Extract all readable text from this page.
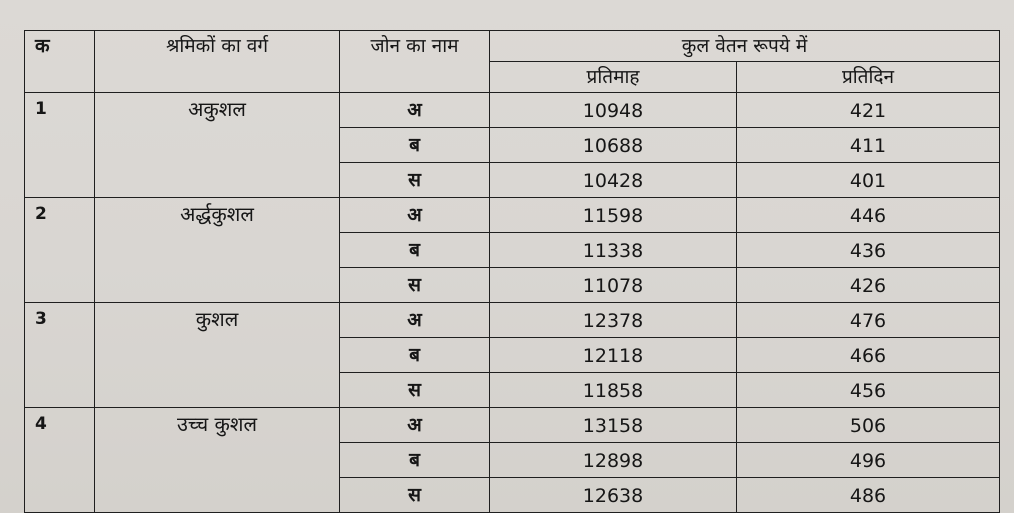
क	श्रमिकों का वर्ग	जोन का नाम	कुल वेतन रूपये में	
			प्रतिमाह	प्रतिदिन
1	अकुशल	अ	10948	421
		ब	10688	411
		स	10428	401
2	अर्द्धकुशल	अ	11598	446
		ब	11338	436
		स	11078	426
3	कुशल	अ	12378	476
		ब	12118	466
		स	11858	456
4	उच्च कुशल	अ	13158	506
		ब	12898	496
		स	12638	486
